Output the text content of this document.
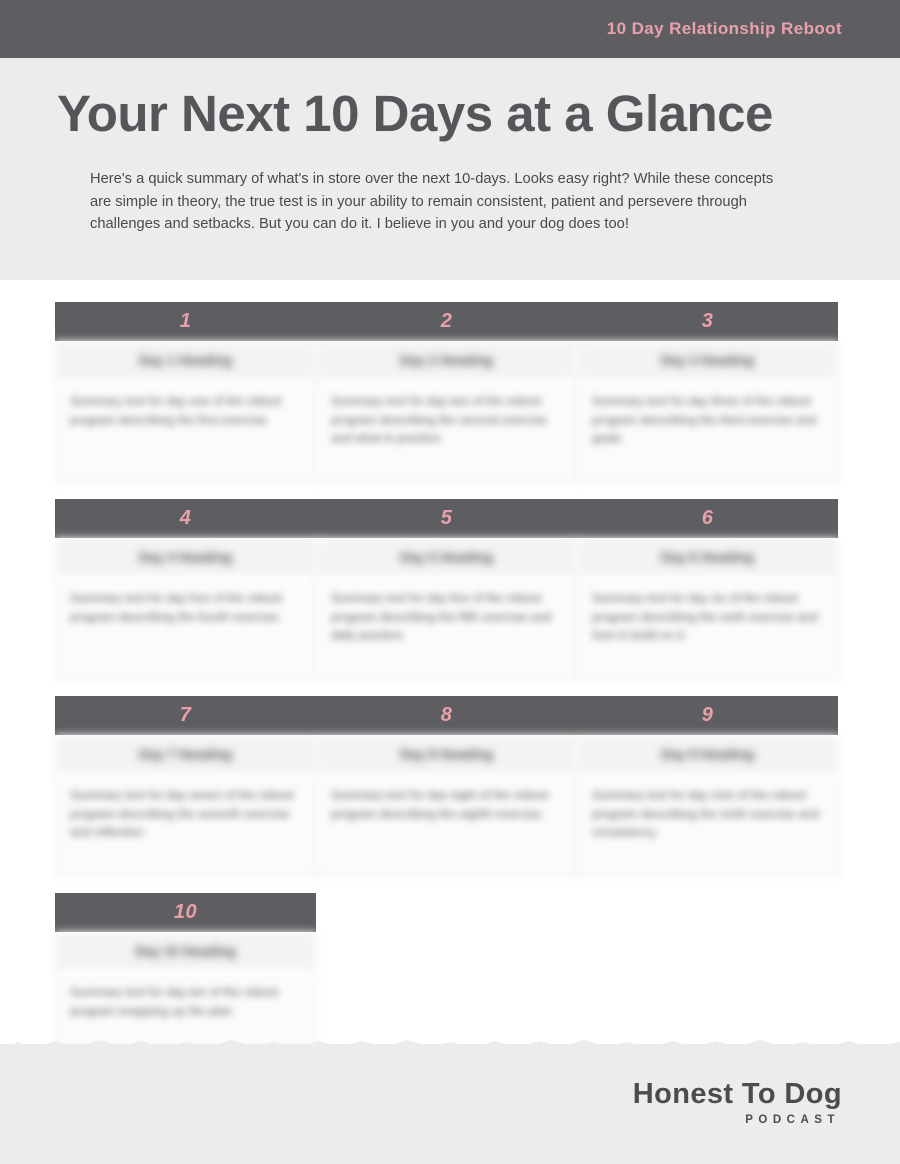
10 Day Relationship Reboot
Your Next 10 Days at a Glance
Here's a quick summary of what's in store over the next 10-days. Looks easy right? While these concepts are simple in theory, the true test is in your ability to remain consistent, patient and persevere through challenges and setbacks. But you can do it. I believe in you and your dog does too!
1
Day 1 Heading
Summary text for day one of the reboot program describing the first exercise.
2
Day 2 Heading
Summary text for day two of the reboot program describing the second exercise and what to practice.
3
Day 3 Heading
Summary text for day three of the reboot program describing the third exercise and goals.
4
Day 4 Heading
Summary text for day four of the reboot program describing the fourth exercise.
5
Day 5 Heading
Summary text for day five of the reboot program describing the fifth exercise and daily practice.
6
Day 6 Heading
Summary text for day six of the reboot program describing the sixth exercise and how to build on it.
7
Day 7 Heading
Summary text for day seven of the reboot program describing the seventh exercise and reflection.
8
Day 8 Heading
Summary text for day eight of the reboot program describing the eighth exercise.
9
Day 9 Heading
Summary text for day nine of the reboot program describing the ninth exercise and consistency.
10
Day 10 Heading
Summary text for day ten of the reboot program wrapping up the plan.
Honest To Dog
PODCAST
